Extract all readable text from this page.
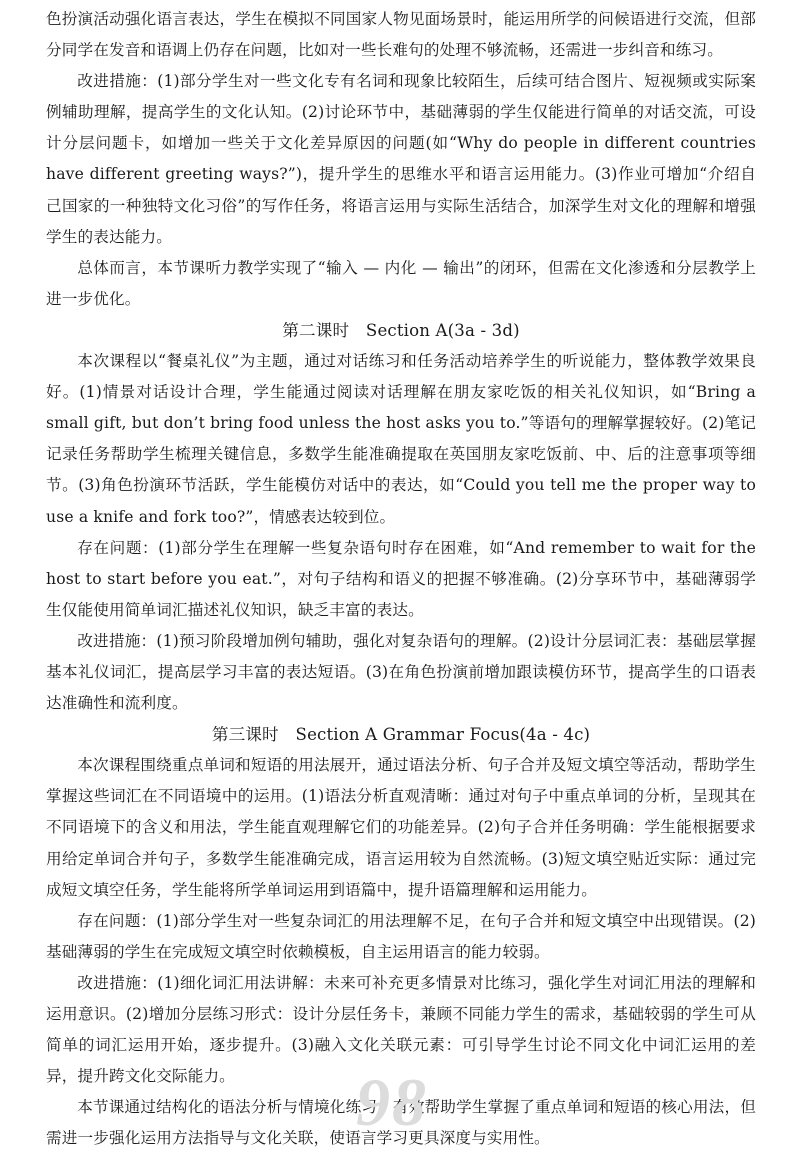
色扮演活动强化语言表达，学生在模拟不同国家人物见面场景时，能运用所学的问候语进行交流，但部分同学在发音和语调上仍存在问题，比如对一些长难句的处理不够流畅，还需进一步纠音和练习。

改进措施：(1)部分学生对一些文化专有名词和现象比较陌生，后续可结合图片、短视频或实际案例辅助理解，提高学生的文化认知。(2)讨论环节中，基础薄弱的学生仅能进行简单的对话交流，可设计分层问题卡，如增加一些关于文化差异原因的问题(如“Why do people in different countries have different greeting ways?”)，提升学生的思维水平和语言运用能力。(3)作业可增加“介绍自己国家的一种独特文化习俗”的写作任务，将语言运用与实际生活结合，加深学生对文化的理解和增强学生的表达能力。

总体而言，本节课听力教学实现了“输入 — 内化 — 输出”的闭环，但需在文化渗透和分层教学上进一步优化。

第二课时　Section A(3a - 3d)

本次课程以“餐桌礼仪”为主题，通过对话练习和任务活动培养学生的听说能力，整体教学效果良好。(1)情景对话设计合理，学生能通过阅读对话理解在朋友家吃饭的相关礼仪知识，如“Bring a small gift, but don’t bring food unless the host asks you to.”等语句的理解掌握较好。(2)笔记记录任务帮助学生梳理关键信息，多数学生能准确提取在英国朋友家吃饭前、中、后的注意事项等细节。(3)角色扮演环节活跃，学生能模仿对话中的表达，如“Could you tell me the proper way to use a knife and fork too?”，情感表达较到位。

存在问题：(1)部分学生在理解一些复杂语句时存在困难，如“And remember to wait for the host to start before you eat.”，对句子结构和语义的把握不够准确。(2)分享环节中，基础薄弱学生仅能使用简单词汇描述礼仪知识，缺乏丰富的表达。

改进措施：(1)预习阶段增加例句辅助，强化对复杂语句的理解。(2)设计分层词汇表：基础层掌握基本礼仪词汇，提高层学习丰富的表达短语。(3)在角色扮演前增加跟读模仿环节，提高学生的口语表达准确性和流利度。

第三课时　Section A Grammar Focus(4a - 4c)

本次课程围绕重点单词和短语的用法展开，通过语法分析、句子合并及短文填空等活动，帮助学生掌握这些词汇在不同语境中的运用。(1)语法分析直观清晰：通过对句子中重点单词的分析，呈现其在不同语境下的含义和用法，学生能直观理解它们的功能差异。(2)句子合并任务明确：学生能根据要求用给定单词合并句子，多数学生能准确完成，语言运用较为自然流畅。(3)短文填空贴近实际：通过完成短文填空任务，学生能将所学单词运用到语篇中，提升语篇理解和运用能力。

存在问题：(1)部分学生对一些复杂词汇的用法理解不足，在句子合并和短文填空中出现错误。(2)基础薄弱的学生在完成短文填空时依赖模板，自主运用语言的能力较弱。

改进措施：(1)细化词汇用法讲解：未来可补充更多情景对比练习，强化学生对词汇用法的理解和运用意识。(2)增加分层练习形式：设计分层任务卡，兼顾不同能力学生的需求，基础较弱的学生可从简单的词汇运用开始，逐步提升。(3)融入文化关联元素：可引导学生讨论不同文化中词汇运用的差异，提升跨文化交际能力。

本节课通过结构化的语法分析与情境化练习，有效帮助学生掌握了重点单词和短语的核心用法，但需进一步强化运用方法指导与文化关联，使语言学习更具深度与实用性。

98
